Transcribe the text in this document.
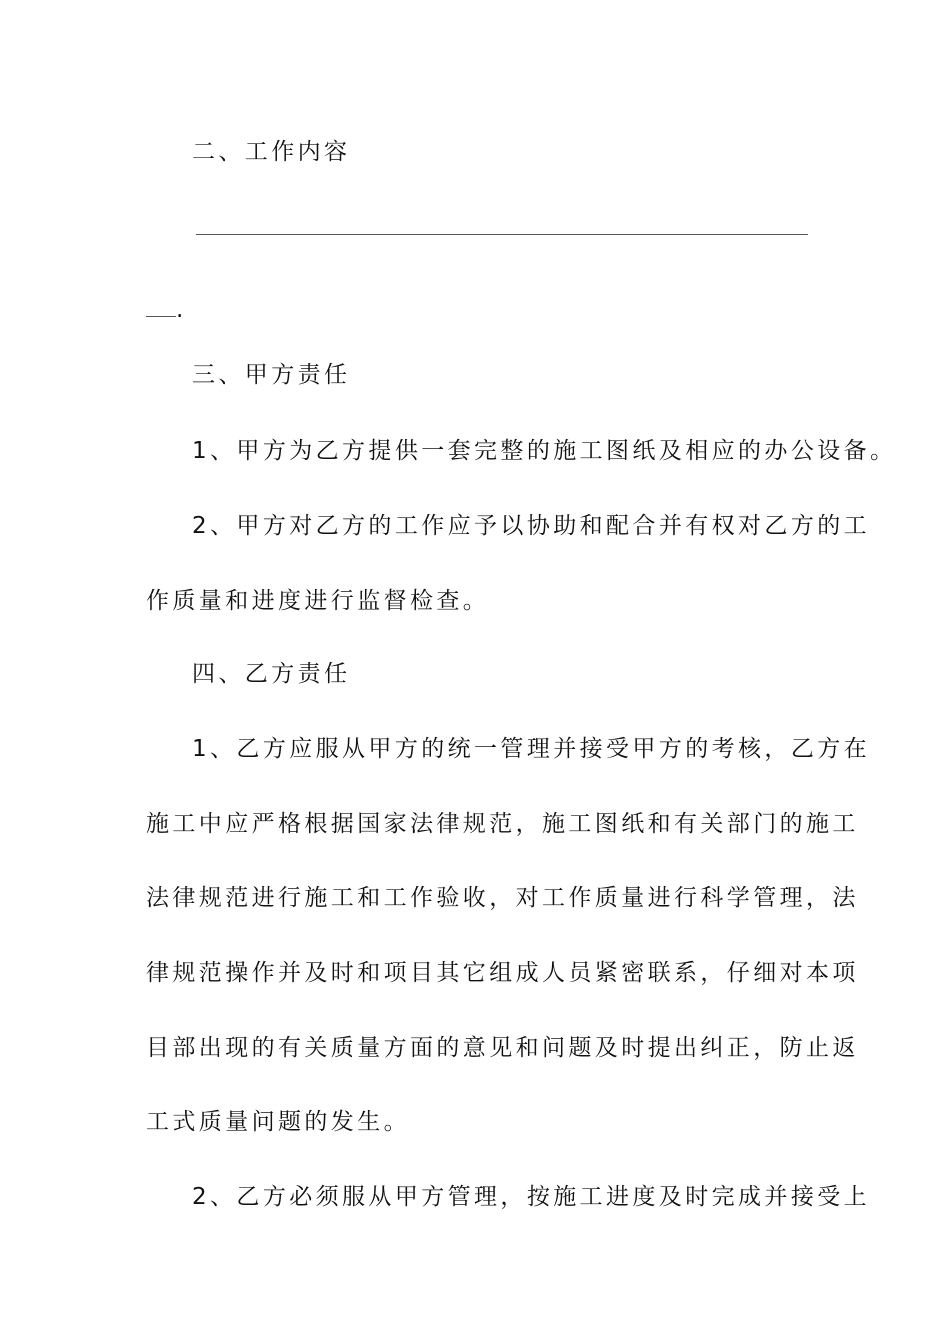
二、工作内容
.
三、甲方责任
1、甲方为乙方提供一套完整的施工图纸及相应的办公设备。
2、甲方对乙方的工作应予以协助和配合并有权对乙方的工
作质量和进度进行监督检查。
四、乙方责任
1、乙方应服从甲方的统一管理并接受甲方的考核，乙方在
施工中应严格根据国家法律规范，施工图纸和有关部门的施工
法律规范进行施工和工作验收，对工作质量进行科学管理，法
律规范操作并及时和项目其它组成人员紧密联系，仔细对本项
目部出现的有关质量方面的意见和问题及时提出纠正，防止返
工式质量问题的发生。
2、乙方必须服从甲方管理，按施工进度及时完成并接受上
